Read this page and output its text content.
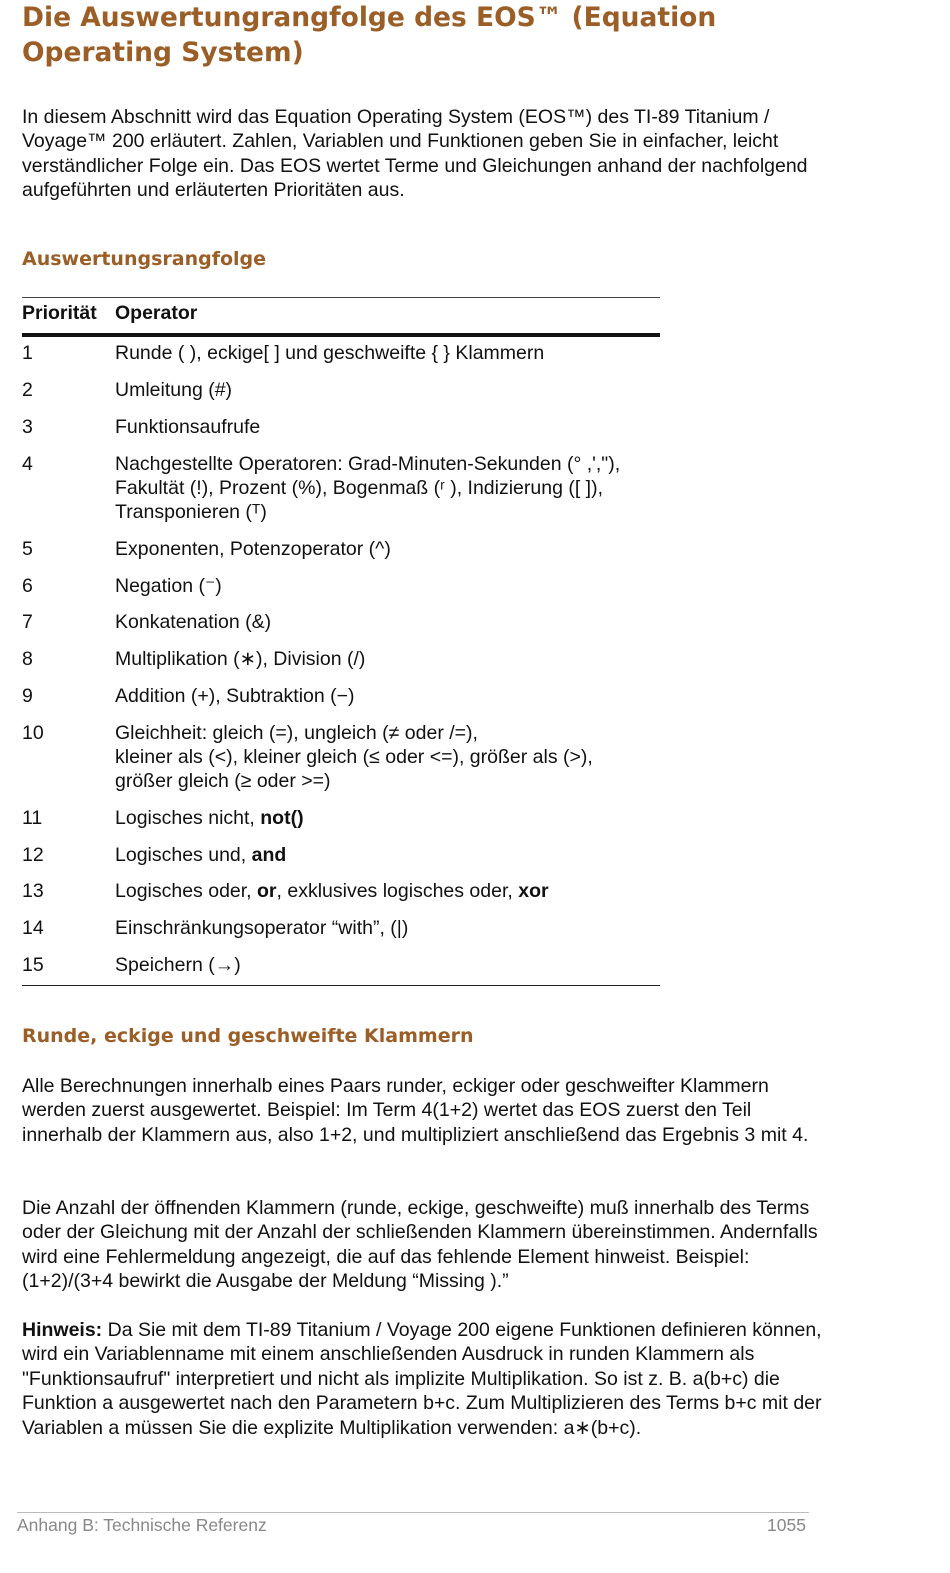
Die Auswertungrangfolge des EOS™ (Equation Operating System)

In diesem Abschnitt wird das Equation Operating System (EOS™) des TI-89 Titanium / Voyage™ 200 erläutert. Zahlen, Variablen und Funktionen geben Sie in einfacher, leicht verständlicher Folge ein. Das EOS wertet Terme und Gleichungen anhand der nachfolgend aufgeführten und erläuterten Prioritäten aus.

Auswertungsrangfolge
Priorität	Operator
1	Runde ( ), eckige[ ] und geschweifte { } Klammern
2	Umleitung (#)
3	Funktionsaufrufe
4	Nachgestellte Operatoren: Grad-Minuten-Sekunden (° ,',"),
Fakultät (!), Prozent (%), Bogenmaß (ʳ ), Indizierung ([ ]),
Transponieren (ᵀ)
5	Exponenten, Potenzoperator (^)
6	Negation (⁻)
7	Konkatenation (&)
8	Multiplikation (∗), Division (/)
9	Addition (+), Subtraktion (−)
10	Gleichheit: gleich (=), ungleich (≠ oder /=),
kleiner als (<), kleiner gleich (≤ oder <=), größer als (>),
größer gleich (≥ oder >=)
11	Logisches nicht, not()
12	Logisches und, and
13	Logisches oder, or, exklusives logisches oder, xor
14	Einschränkungsoperator “with”, (|)
15	Speichern (→)
Runde, eckige und geschweifte Klammern

Alle Berechnungen innerhalb eines Paars runder, eckiger oder geschweifter Klammern werden zuerst ausgewertet. Beispiel: Im Term 4(1+2) wertet das EOS zuerst den Teil innerhalb der Klammern aus, also 1+2, und multipliziert anschließend das Ergebnis 3 mit 4.

Die Anzahl der öffnenden Klammern (runde, eckige, geschweifte) muß innerhalb des Terms oder der Gleichung mit der Anzahl der schließenden Klammern übereinstimmen. Andernfalls wird eine Fehlermeldung angezeigt, die auf das fehlende Element hinweist. Beispiel: (1+2)/(3+4 bewirkt die Ausgabe der Meldung “Missing ).”

Hinweis: Da Sie mit dem TI-89 Titanium / Voyage 200 eigene Funktionen definieren können, wird ein Variablenname mit einem anschließenden Ausdruck in runden Klammern als "Funktionsaufruf" interpretiert und nicht als implizite Multiplikation. So ist z. B. a(b+c) die Funktion a ausgewertet nach den Parametern b+c. Zum Multiplizieren des Terms b+c mit der Variablen a müssen Sie die explizite Multiplikation verwenden: a∗(b+c).

Anhang B: Technische Referenz	1055
